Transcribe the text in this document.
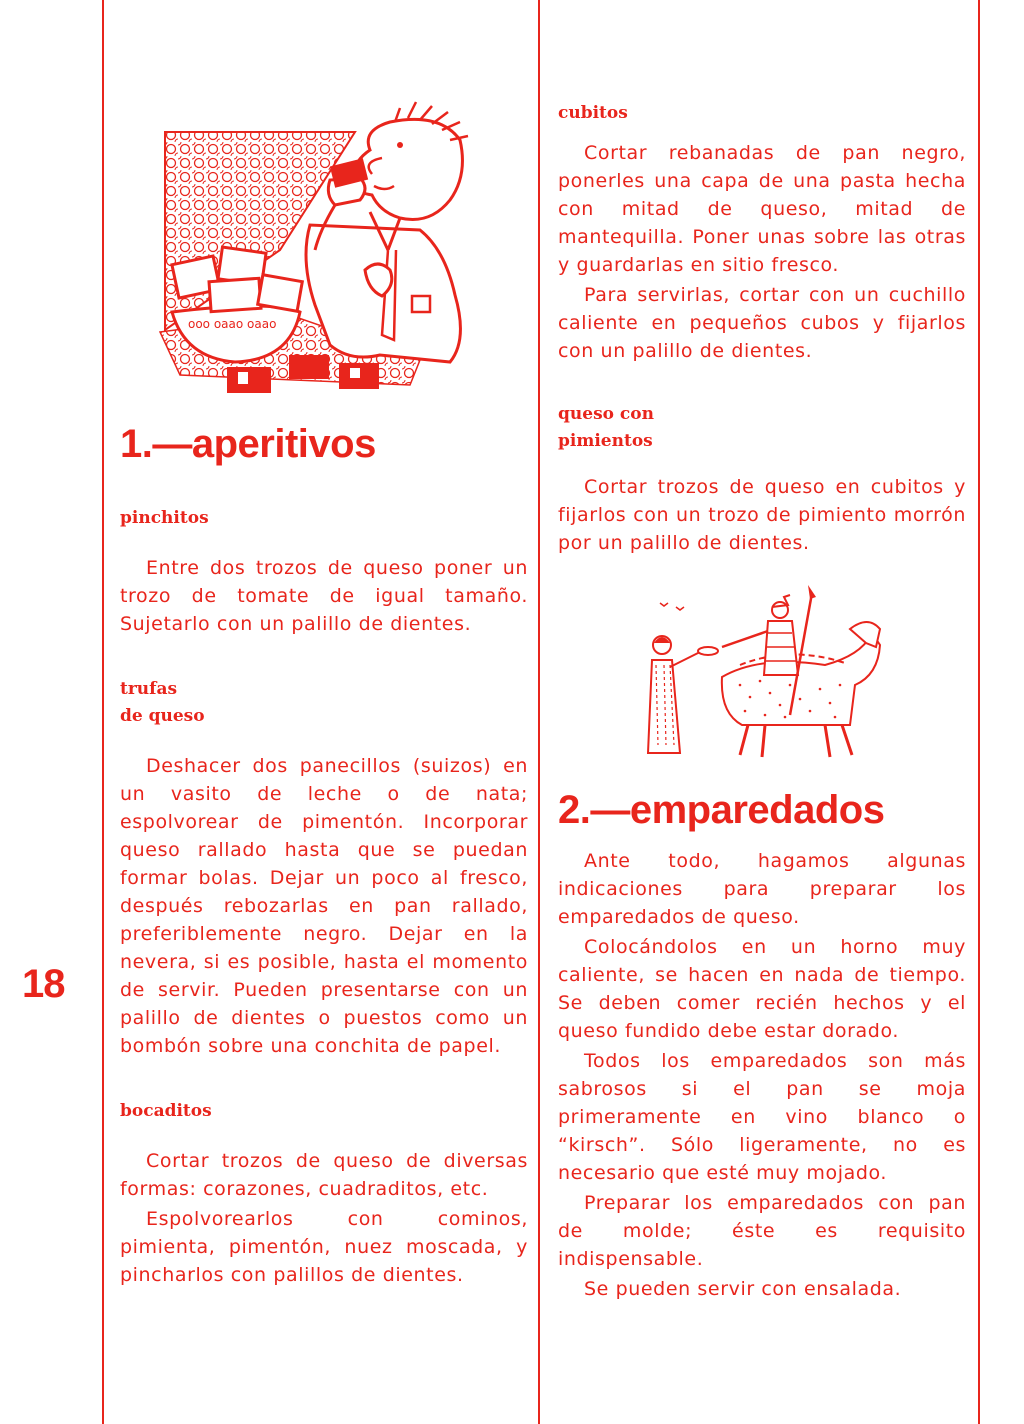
18
ooo oaao oaao
1.—aperitivos

pinchitos

Entre dos trozos de queso poner un trozo de tomate de igual tamaño. Sujetarlo con un palillo de dientes.

trufas

de queso

Deshacer dos panecillos (suizos) en un vasito de leche o de nata; espolvorear de pimentón. Incorporar queso rallado hasta que se puedan formar bolas. Dejar un poco al fresco, después rebozarlas en pan rallado, preferiblemente negro. Dejar en la nevera, si es posible, hasta el momento de servir. Pueden presentarse con un palillo de dientes o puestos como un bombón sobre una conchita de papel.

bocaditos

Cortar trozos de queso de diversas formas: corazones, cuadraditos, etc.

Espolvorearlos con cominos, pimienta, pimentón, nuez moscada, y pincharlos con palillos de dientes.

cubitos

Cortar rebanadas de pan negro, ponerles una capa de una pasta hecha con mitad de queso, mitad de mantequilla. Poner unas sobre las otras y guardarlas en sitio fresco.

Para servirlas, cortar con un cuchillo caliente en pequeños cubos y fijarlos con un palillo de dientes.

queso con

pimientos

Cortar trozos de queso en cubitos y fijarlos con un trozo de pimiento morrón por un palillo de dientes.

2.—emparedados

Ante todo, hagamos algunas indicaciones para preparar los emparedados de queso.

Colocándolos en un horno muy caliente, se hacen en nada de tiempo. Se deben comer recién hechos y el queso fundido debe estar dorado.

Todos los emparedados son más sabrosos si el pan se moja primeramente en vino blanco o “kirsch”. Sólo ligeramente, no es necesario que esté muy mojado.

Preparar los emparedados con pan de molde; éste es requisito indispensable.

Se pueden servir con ensalada.
